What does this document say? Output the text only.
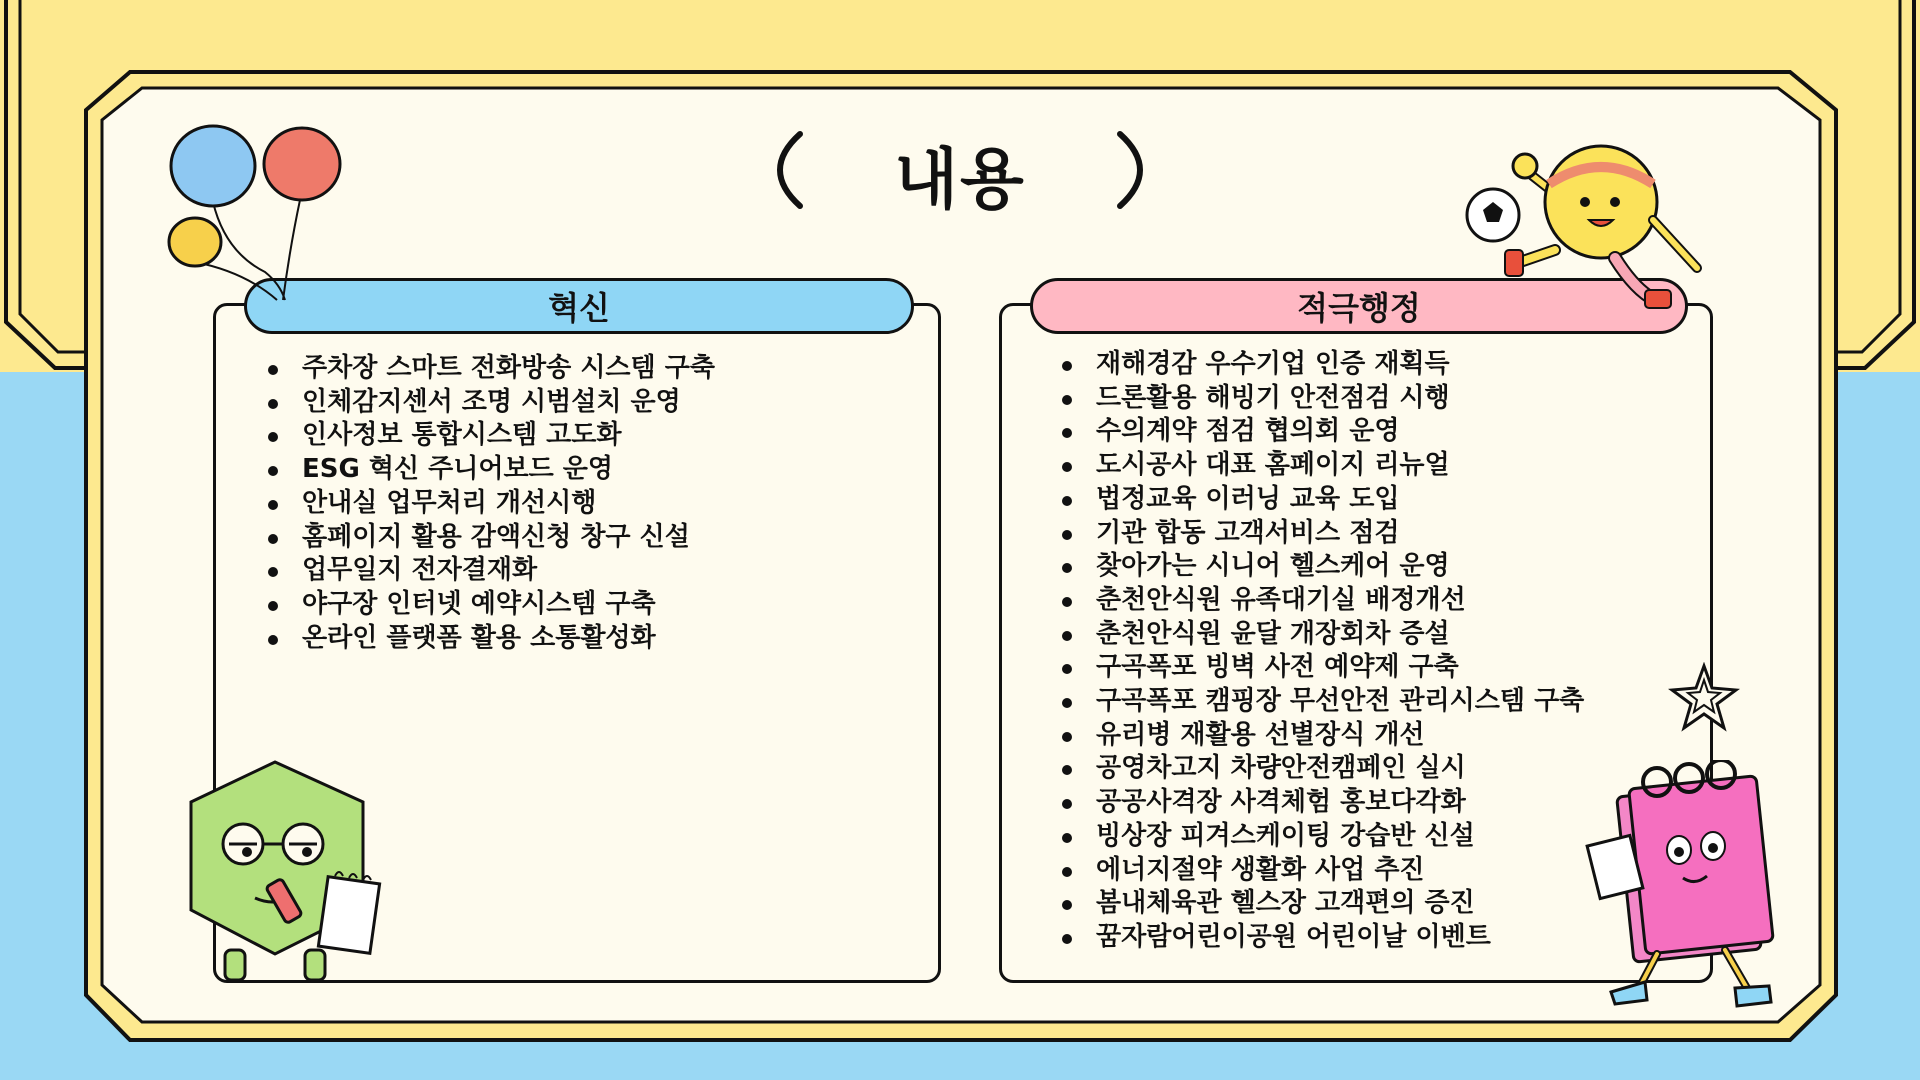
내용
혁신
주차장 스마트 전화방송 시스템 구축
인체감지센서 조명 시범설치 운영
인사정보 통합시스템 고도화
ESG 혁신 주니어보드 운영
안내실 업무처리 개선시행
홈페이지 활용 감액신청 창구 신설
업무일지 전자결재화
야구장 인터넷 예약시스템 구축
온라인 플랫폼 활용 소통활성화
적극행정
재해경감 우수기업 인증 재획득
드론활용 해빙기 안전점검 시행
수의계약 점검 협의회 운영
도시공사 대표 홈페이지 리뉴얼
법정교육 이러닝 교육 도입
기관 합동 고객서비스 점검
찾아가는 시니어 헬스케어 운영
춘천안식원 유족대기실 배정개선
춘천안식원 윤달 개장회차 증설
구곡폭포 빙벽 사전 예약제 구축
구곡폭포 캠핑장 무선안전 관리시스템 구축
유리병 재활용 선별장식 개선
공영차고지 차량안전캠페인 실시
공공사격장 사격체험 홍보다각화
빙상장 피겨스케이팅 강습반 신설
에너지절약 생활화 사업 추진
봄내체육관 헬스장 고객편의 증진
꿈자람어린이공원 어린이날 이벤트
